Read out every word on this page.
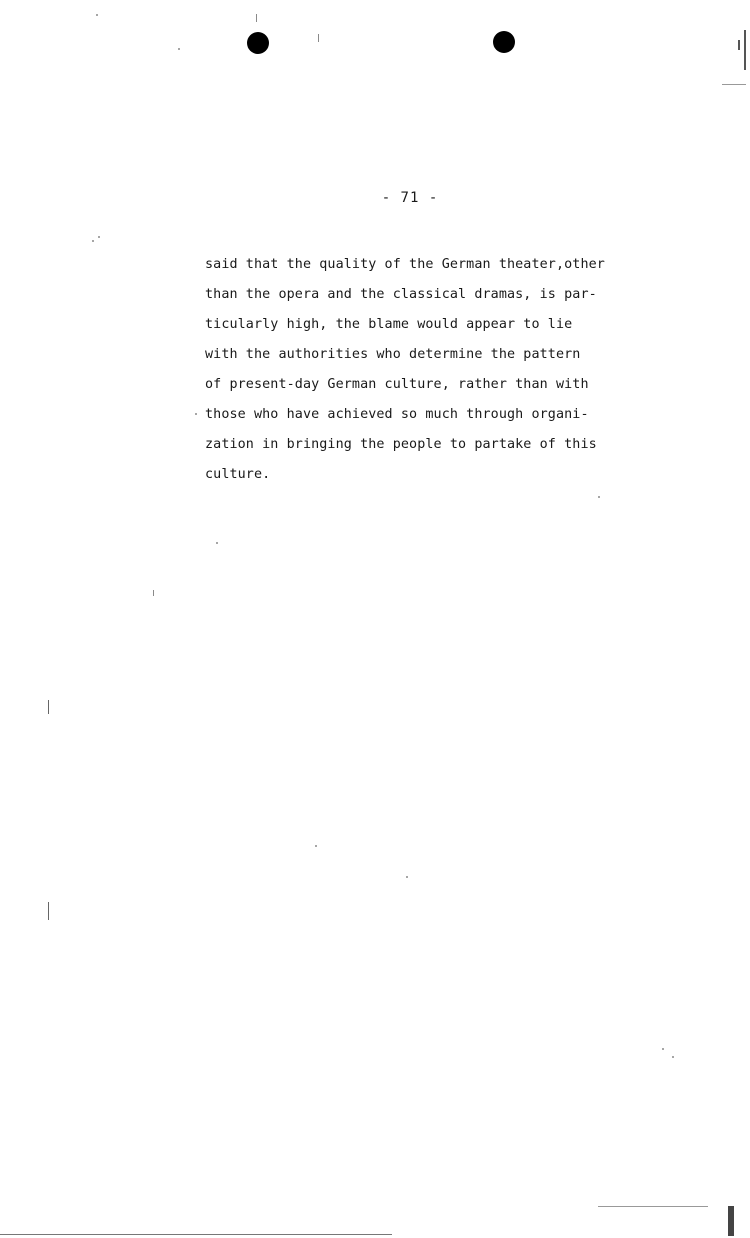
- 71 -
said that the quality of the German theater,other
than the opera and the classical dramas, is par-
ticularly high, the blame would appear to lie
with the authorities who determine the pattern
of present-day German culture, rather than with
those who have achieved so much through organi-
zation in bringing the people to partake of this
culture.
